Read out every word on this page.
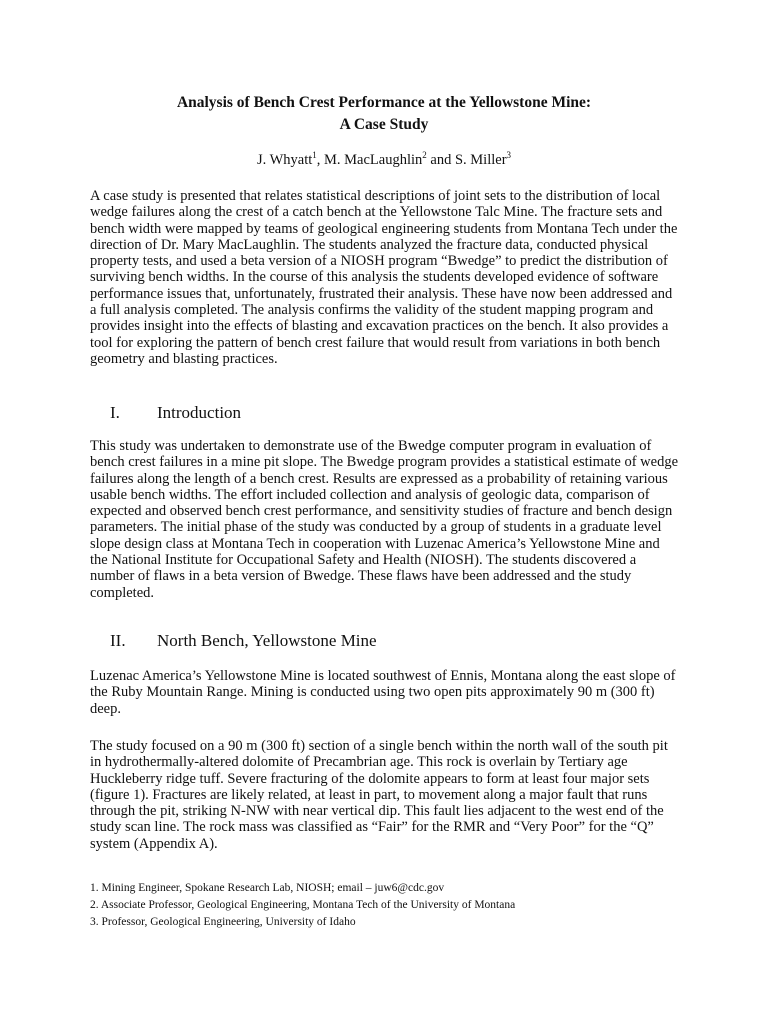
Analysis of Bench Crest Performance at the Yellowstone Mine:
A Case Study
J. Whyatt$^1$, M. MacLaughlin$^2$ and S. Miller$^3$

A case study is presented that relates statistical descriptions of joint sets to the distribution of local wedge failures along the crest of a catch bench at the Yellowstone Talc Mine. The fracture sets and bench width were mapped by teams of geological engineering students from Montana Tech under the direction of Dr. Mary MacLaughlin. The students analyzed the fracture data, conducted physical property tests, and used a beta version of a NIOSH program “Bwedge” to predict the distribution of surviving bench widths. In the course of this analysis the students developed evidence of software performance issues that, unfortunately, frustrated their analysis. These have now been addressed and a full analysis completed. The analysis confirms the validity of the student mapping program and provides insight into the effects of blasting and excavation practices on the bench. It also provides a tool for exploring the pattern of bench crest failure that would result from variations in both bench geometry and blasting practices.

I. Introduction

This study was undertaken to demonstrate use of the Bwedge computer program in evaluation of bench crest failures in a mine pit slope. The Bwedge program provides a statistical estimate of wedge failures along the length of a bench crest. Results are expressed as a probability of retaining various usable bench widths. The effort included collection and analysis of geologic data, comparison of expected and observed bench crest performance, and sensitivity studies of fracture and bench design parameters. The initial phase of the study was conducted by a group of students in a graduate level slope design class at Montana Tech in cooperation with Luzenac America’s Yellowstone Mine and the National Institute for Occupational Safety and Health (NIOSH). The students discovered a number of flaws in a beta version of Bwedge. These flaws have been addressed and the study completed.

II. North Bench, Yellowstone Mine

Luzenac America’s Yellowstone Mine is located southwest of Ennis, Montana along the east slope of the Ruby Mountain Range. Mining is conducted using two open pits approximately 90 m (300 ft) deep.

The study focused on a 90 m (300 ft) section of a single bench within the north wall of the south pit in hydrothermally-altered dolomite of Precambrian age. This rock is overlain by Tertiary age Huckleberry ridge tuff. Severe fracturing of the dolomite appears to form at least four major sets (figure 1). Fractures are likely related, at least in part, to movement along a major fault that runs through the pit, striking N-NW with near vertical dip. This fault lies adjacent to the west end of the study scan line. The rock mass was classified as “Fair” for the RMR and “Very Poor” for the “Q” system (Appendix A).

1. Mining Engineer, Spokane Research Lab, NIOSH; email – juw6@cdc.gov
2. Associate Professor, Geological Engineering, Montana Tech of the University of Montana
3. Professor, Geological Engineering, University of Idaho
